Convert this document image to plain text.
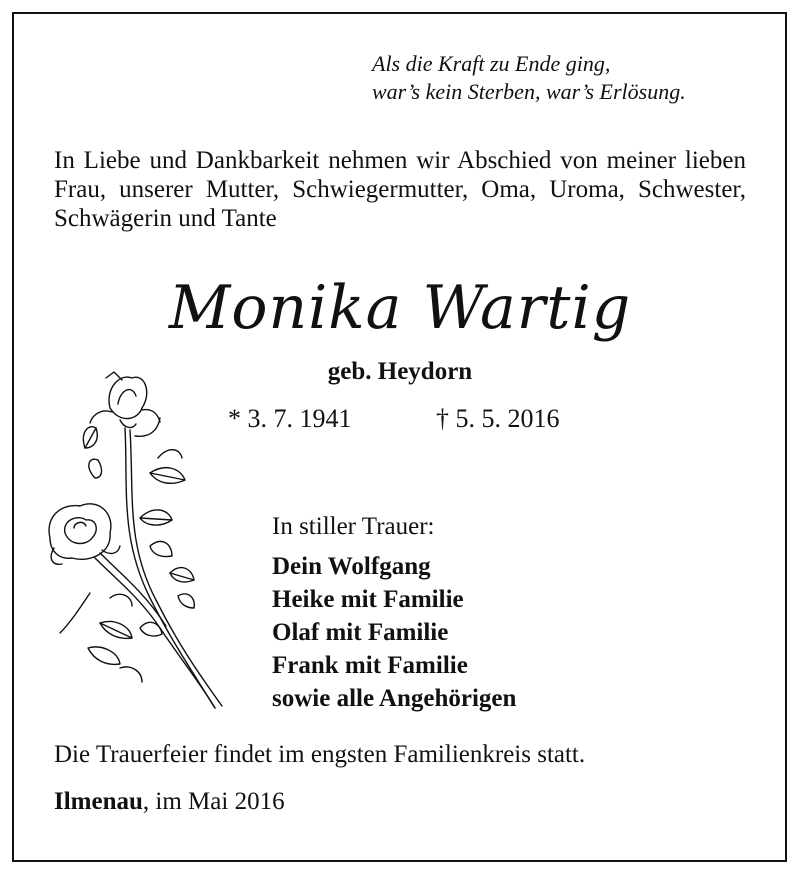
Als die Kraft zu Ende ging,
war’s kein Sterben, war’s Erlösung.
In Liebe und Dankbarkeit nehmen wir Abschied von meiner lieben Frau, unserer Mutter, Schwiegermutter, Oma, Uroma, Schwester, Schwägerin und Tante
Monika Wartig
geb. Heydorn
* 3. 7. 1941	† 5. 5. 2016
In stiller Trauer:
Dein Wolfgang
Heike mit Familie
Olaf mit Familie
Frank mit Familie
sowie alle Angehörigen
Die Trauerfeier findet im engsten Familienkreis statt.
Ilmenau, im Mai 2016
